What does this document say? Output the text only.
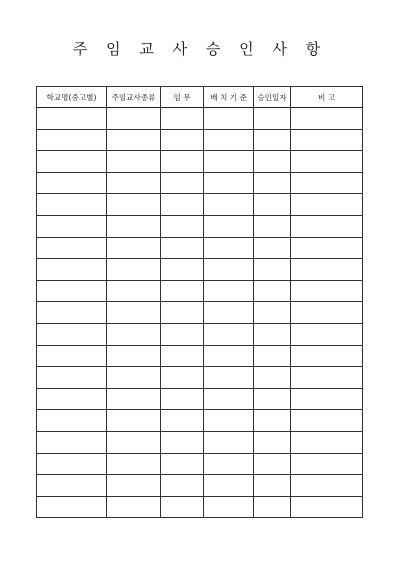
주 임 교 사 승 인 사 항
학교명(중고별)	주임교사종류	임 무	배 치 기 준	승인일자	비 고
